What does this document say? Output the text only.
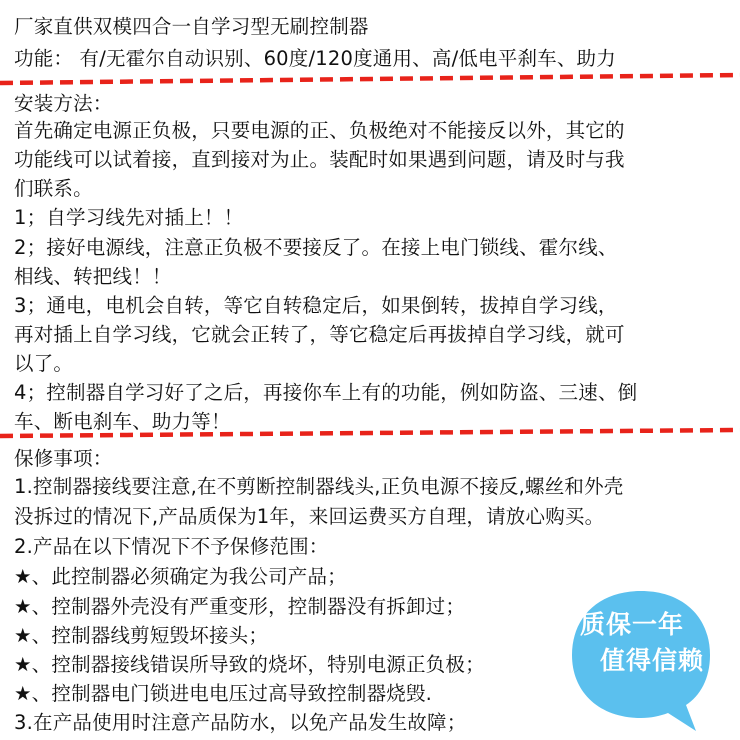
厂家直供双模四合一自学习型无刷控制器
功能： 有/无霍尔自动识别、60度/120度通用、高/低电平刹车、助力
安装方法：
首先确定电源正负极，只要电源的正、负极绝对不能接反以外，其它的
功能线可以试着接，直到接对为止。装配时如果遇到问题，请及时与我
们联系。
1；自学习线先对插上！！
2；接好电源线，注意正负极不要接反了。在接上电门锁线、霍尔线、
相线、转把线！！
3；通电，电机会自转，等它自转稳定后，如果倒转，拔掉自学习线，
再对插上自学习线，它就会正转了，等它稳定后再拔掉自学习线，就可
以了。
4；控制器自学习好了之后，再接你车上有的功能，例如防盗、三速、倒
车、断电刹车、助力等！
保修事项：
1.控制器接线要注意,在不剪断控制器线头,正负电源不接反,螺丝和外壳
没拆过的情况下,产品质保为1年，来回运费买方自理，请放心购买。
2.产品在以下情况下不予保修范围：
★、此控制器必须确定为我公司产品；
★、控制器外壳没有严重变形，控制器没有拆卸过；
★、控制器线剪短毁坏接头；
★、控制器接线错误所导致的烧坏，特别电源正负极；
★、控制器电门锁进电电压过高导致控制器烧毁.
3.在产品使用时注意产品防水，以免产品发生故障；
质保一年
值得信赖
